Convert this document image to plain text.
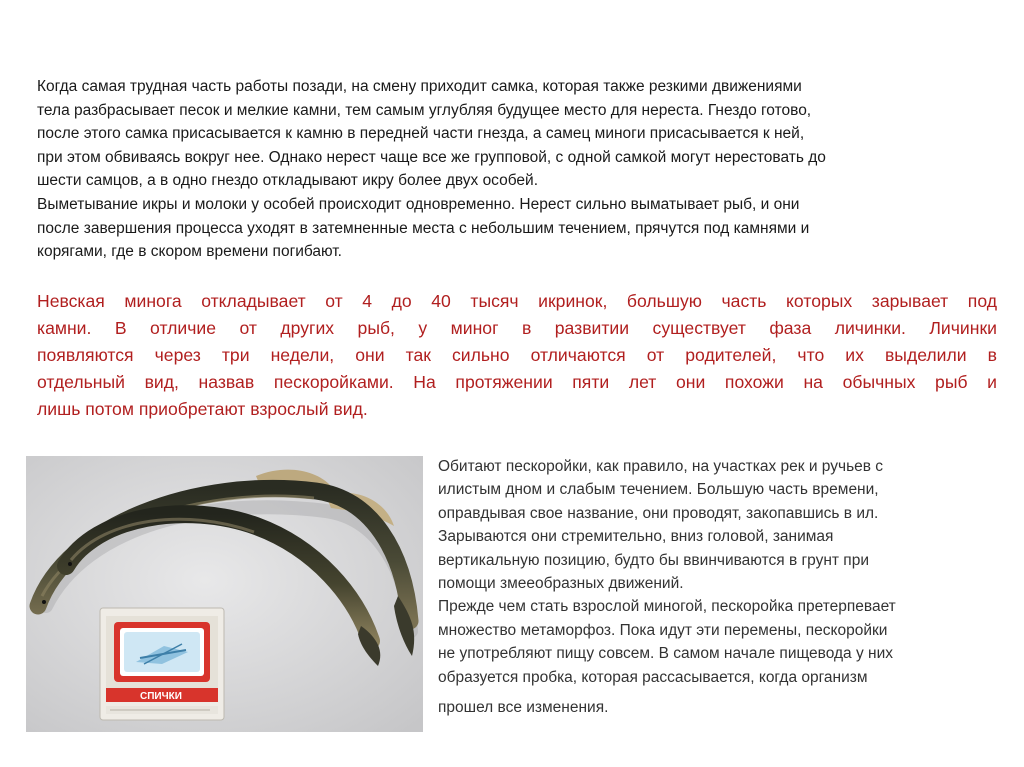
Когда самая трудная часть работы позади, на смену приходит самка, которая также резкими движениями
тела разбрасывает песок и мелкие камни, тем самым углубляя будущее место для нереста. Гнездо готово,
после этого самка присасывается к камню в передней части гнезда, а самец миноги присасывается к ней,
при этом обвиваясь вокруг нее. Однако нерест чаще все же групповой, с одной самкой могут нерестовать до
шести самцов, а в одно гнездо откладывают икру более двух особей.
Выметывание икры и молоки у особей происходит одновременно. Нерест сильно выматывает рыб, и они
после завершения процесса уходят в затемненные места с небольшим течением, прячутся под камнями и
корягами, где в скором времени погибают.

Невская минога откладывает от 4 до 40 тысяч икринок, большую часть которых зарывает под
камни. В отличие от других рыб, у миног в развитии существует фаза личинки. Личинки
появляются через три недели, они так сильно отличаются от родителей, что их выделили в
отдельный вид, назвав пескоройками. На протяжении пяти лет они похожи на обычных рыб и
лишь потом приобретают взрослый вид.

СПИЧКИ

Обитают пескоройки, как правило, на участках рек и ручьев с
илистым дном и слабым течением. Большую часть времени,
оправдывая свое название, они проводят, закопавшись в ил.
Зарываются они стремительно, вниз головой, занимая
вертикальную позицию, будто бы ввинчиваются в грунт при
помощи змееобразных движений.
Прежде чем стать взрослой миногой, пескоройка претерпевает
множество метаморфоз. Пока идут эти перемены, пескоройки
не употребляют пищу совсем. В самом начале пищевода у них
образуется пробка, которая рассасывается, когда организм
прошел все изменения.
